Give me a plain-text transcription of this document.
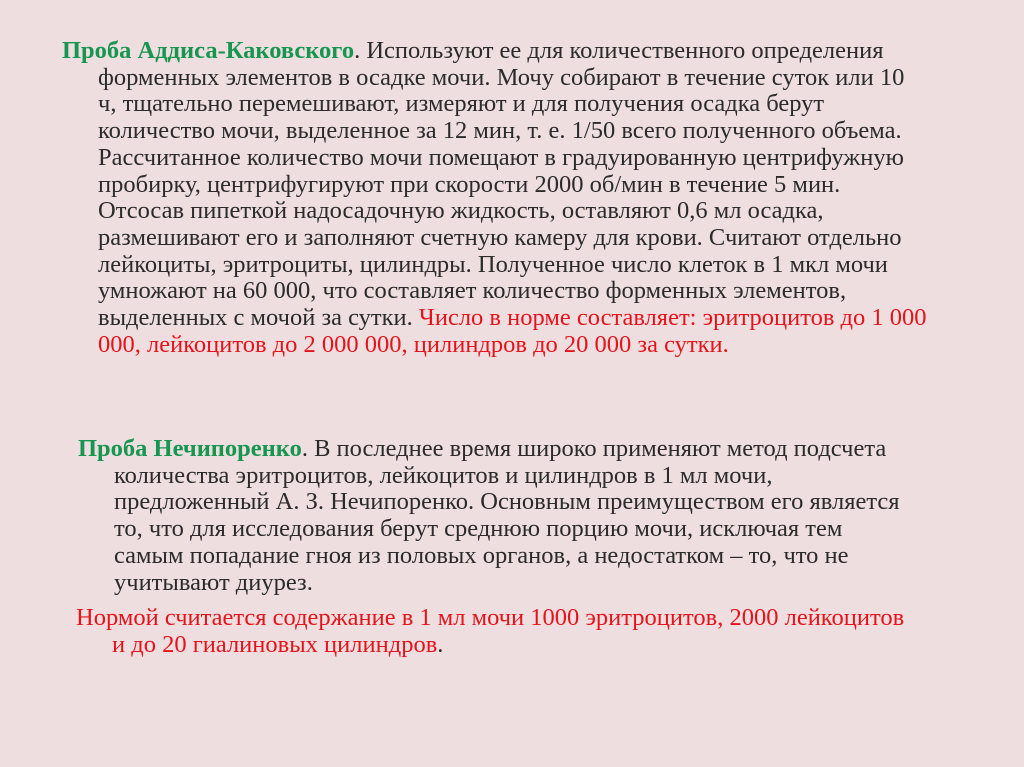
Проба Аддиса-Каковского. Используют ее для количественного определения форменных элементов в осадке мочи. Мочу собирают в течение суток или 10 ч, тщательно перемешивают, измеряют и для получения осадка берут количество мочи, выделенное за 12 мин, т. е. 1/50 всего полученного объема. Рассчитанное количество мочи помещают в градуированную центрифужную пробирку, центрифугируют при скорости 2000 об/мин в течение 5 мин. Отсосав пипеткой надосадочную жидкость, оставляют 0,6 мл осадка, размешивают его и заполняют счетную камеру для крови. Считают отдельно лейкоциты, эритроциты, цилиндры. Полученное число клеток в 1 мкл мочи умножают на 60 000, что составляет количество форменных элементов, выделенных с мочой за сутки. Число в норме составляет: эритроцитов до 1 000 000, лейкоцитов до 2 000 000, цилиндров до 20 000 за сутки.

Проба Нечипоренко. В последнее время широко применяют метод подсчета количества эритроцитов, лейкоцитов и цилиндров в 1 мл мочи, предложенный А. З. Нечипоренко. Основным преимуществом его является то, что для исследования берут среднюю порцию мочи, исключая тем самым попадание гноя из половых органов, а недостатком – то, что не учитывают диурез.

Нормой считается содержание в 1 мл мочи 1000 эритроцитов, 2000 лейкоцитов и до 20 гиалиновых цилиндров.
